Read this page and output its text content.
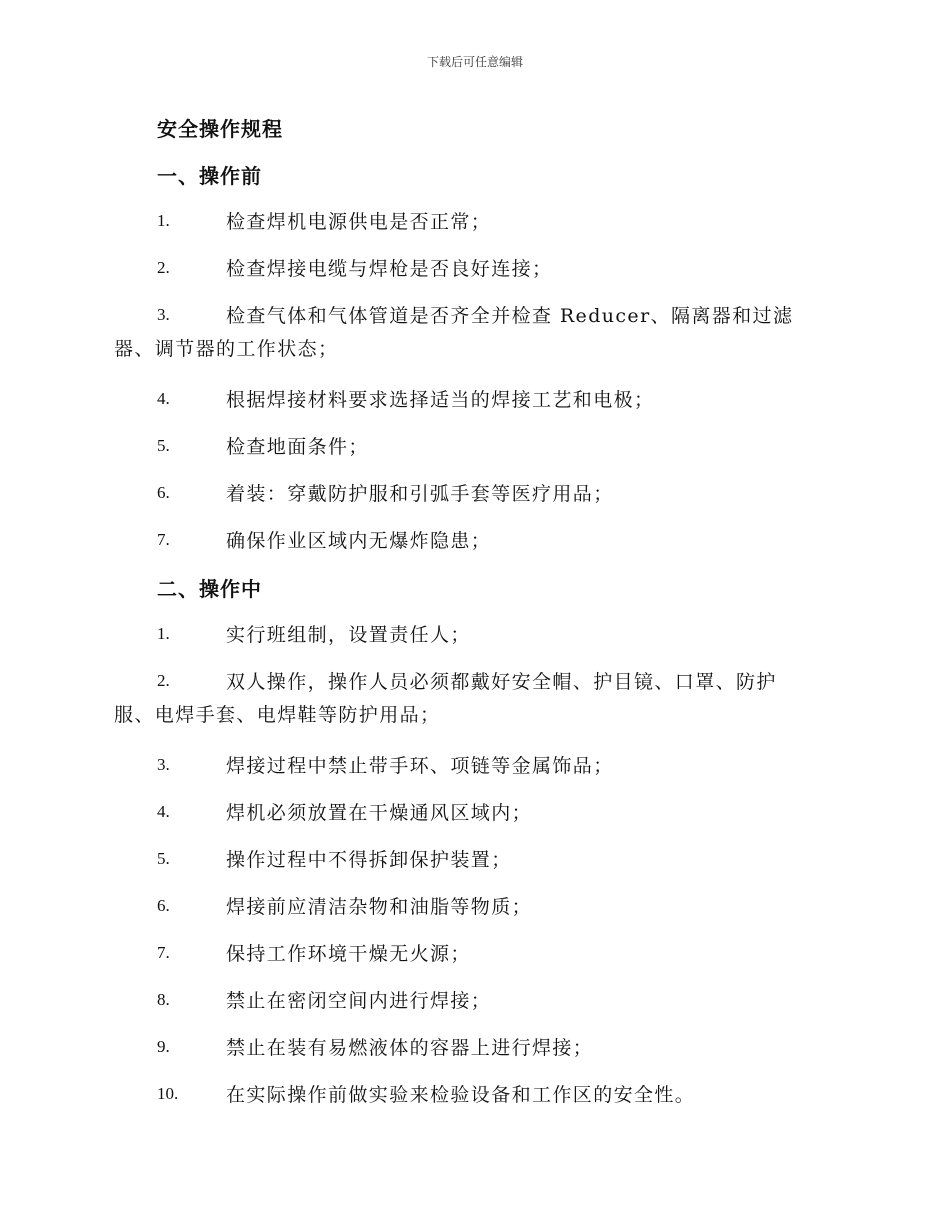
下载后可任意编辑
安全操作规程
一、操作前
1.	检查焊机电源供电是否正常；
2.	检查焊接电缆与焊枪是否良好连接；
3.	检查气体和气体管道是否齐全并检查 Reducer、隔离器和过滤
器、调节器的工作状态；
4.	根据焊接材料要求选择适当的焊接工艺和电极；
5.	检查地面条件；
6.	着装：穿戴防护服和引弧手套等医疗用品；
7.	确保作业区域内无爆炸隐患；
二、操作中
1.	实行班组制，设置责任人；
2.	双人操作，操作人员必须都戴好安全帽、护目镜、口罩、防护
服、电焊手套、电焊鞋等防护用品；
3.	焊接过程中禁止带手环、项链等金属饰品；
4.	焊机必须放置在干燥通风区域内；
5.	操作过程中不得拆卸保护装置；
6.	焊接前应清洁杂物和油脂等物质；
7.	保持工作环境干燥无火源；
8.	禁止在密闭空间内进行焊接；
9.	禁止在装有易燃液体的容器上进行焊接；
10.	在实际操作前做实验来检验设备和工作区的安全性。
